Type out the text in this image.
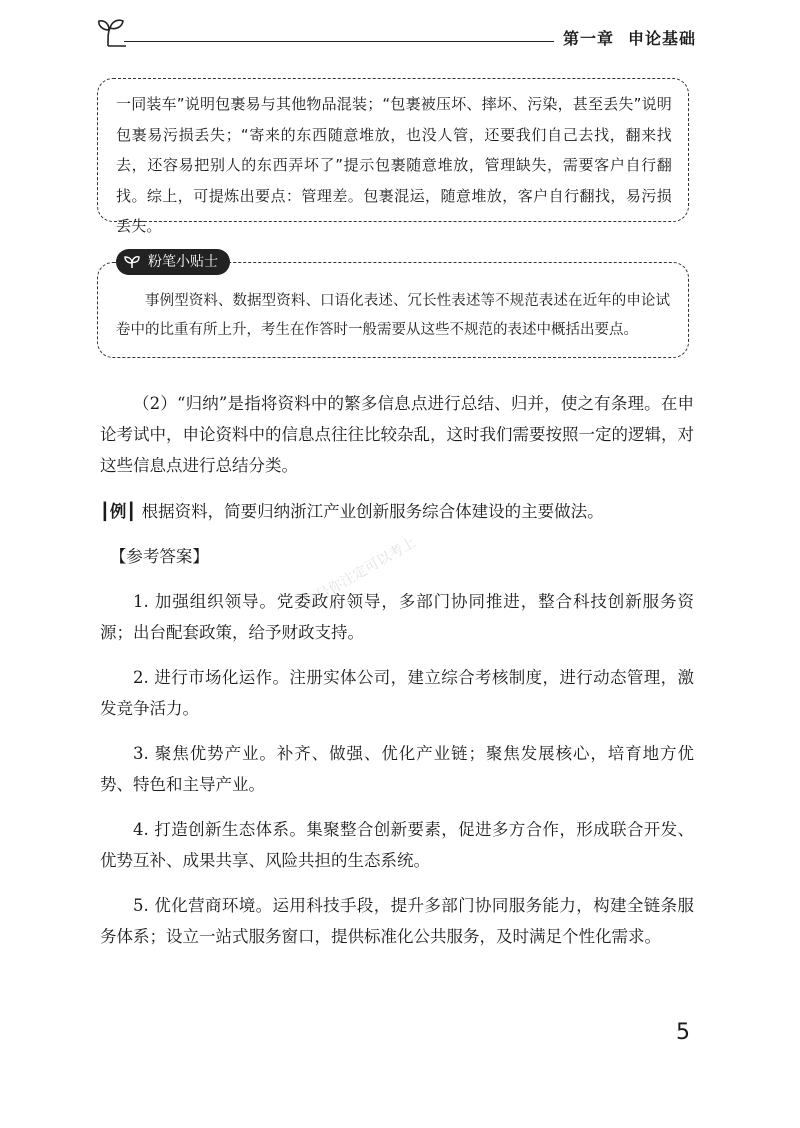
第一章 申论基础
一同装车”说明包裹易与其他物品混装；“包裹被压坏、摔坏、污染，甚至丢失”说明包裹易污损丢失；“寄来的东西随意堆放，也没人管，还要我们自己去找，翻来找去，还容易把别人的东西弄坏了”提示包裹随意堆放，管理缺失，需要客户自行翻找。综上，可提炼出要点：管理差。包裹混运，随意堆放，客户自行翻找，易污损丢失。
粉笔小贴士
事例型资料、数据型资料、口语化表述、冗长性表述等不规范表述在近年的申论试卷中的比重有所上升，考生在作答时一般需要从这些不规范的表述中概括出要点。

（2）“归纳”是指将资料中的繁多信息点进行总结、归并，使之有条理。在申论考试中，申论资料中的信息点往往比较杂乱，这时我们需要按照一定的逻辑，对这些信息点进行总结分类。

┃例┃ 根据资料，简要归纳浙江产业创新服务综合体建设的主要做法。

【参考答案】

1. 加强组织领导。党委政府领导，多部门协同推进，整合科技创新服务资源；出台配套政策，给予财政支持。

2. 进行市场化运作。注册实体公司，建立综合考核制度，进行动态管理，激发竞争活力。

3. 聚焦优势产业。补齐、做强、优化产业链；聚焦发展核心，培育地方优势、特色和主导产业。

4. 打造创新生态体系。集聚整合创新要素，促进多方合作，形成联合开发、优势互补、成果共享、风险共担的生态系统。

5. 优化营商环境。运用科技手段，提升多部门协同服务能力，构建全链条服务体系；设立一站式服务窗口，提供标准化公共服务，及时满足个性化需求。

公号你注定可以考上
5
